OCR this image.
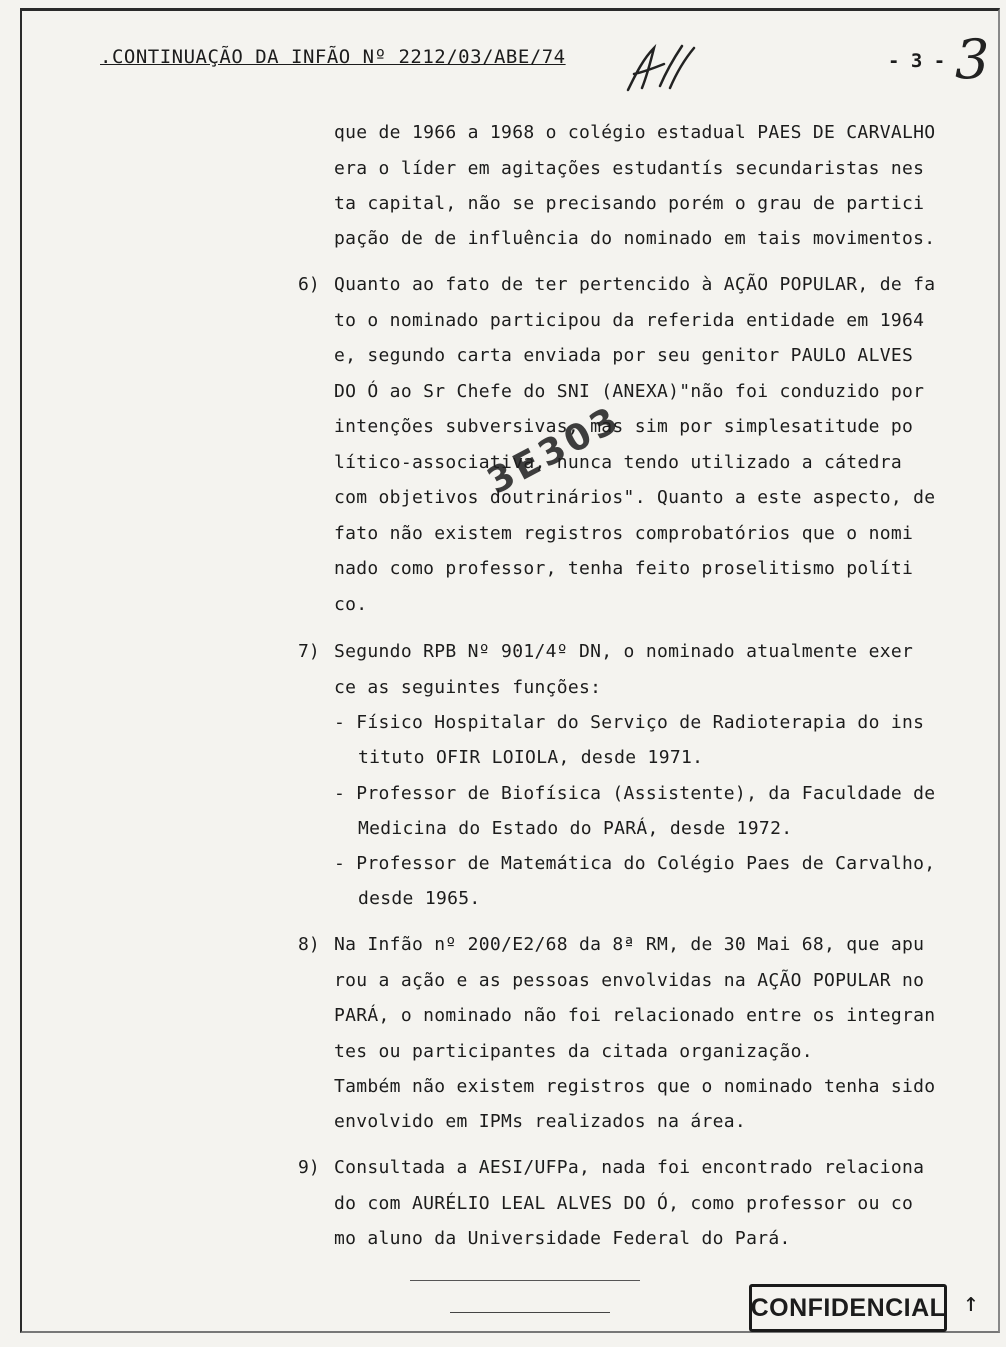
.CONTINUAÇÃO DA INFÃO Nº 2212/03/ABE/74	- 3 - 3
que de 1966 a 1968 o colégio estadual PAES DE CARVALHO
era o líder em agitações estudantís secundaristas nes
ta capital, não se precisando porém o grau de partici
pação de de influência do nominado em tais movimentos.
6) Quanto ao fato de ter pertencido à AÇÃO POPULAR, de fa
to o nominado participou da referida entidade em 1964
e, segundo carta enviada por seu genitor PAULO ALVES
DO Ó ao Sr Chefe do SNI (ANEXA)"não foi conduzido por
intenções subversivas, mas sim por simplesatitude po
lítico-associativa, nunca tendo utilizado a cátedra
com objetivos doutrinários". Quanto a este aspecto, de
fato não existem registros comprobatórios que o nomi
nado como professor, tenha feito proselitismo políti
co.
7) Segundo RPB Nº 901/4º DN, o nominado atualmente exer
ce as seguintes funções:
- Físico Hospitalar do Serviço de Radioterapia do ins
tituto OFIR LOIOLA, desde 1971.
- Professor de Biofísica (Assistente), da Faculdade de
Medicina do Estado do PARÁ, desde 1972.
- Professor de Matemática do Colégio Paes de Carvalho,
desde 1965.
8) Na Infão nº 200/E2/68 da 8ª RM, de 30 Mai 68, que apu
rou a ação e as pessoas envolvidas na AÇÃO POPULAR no
PARÁ, o nominado não foi relacionado entre os integran
tes ou participantes da citada organização.
Também não existem registros que o nominado tenha sido
envolvido em IPMs realizados na área.
9) Consultada a AESI/UFPa, nada foi encontrado relaciona
do com AURÉLIO LEAL ALVES DO Ó, como professor ou co
mo aluno da Universidade Federal do Pará.
3E303
CONFIDENCIAL ↑
